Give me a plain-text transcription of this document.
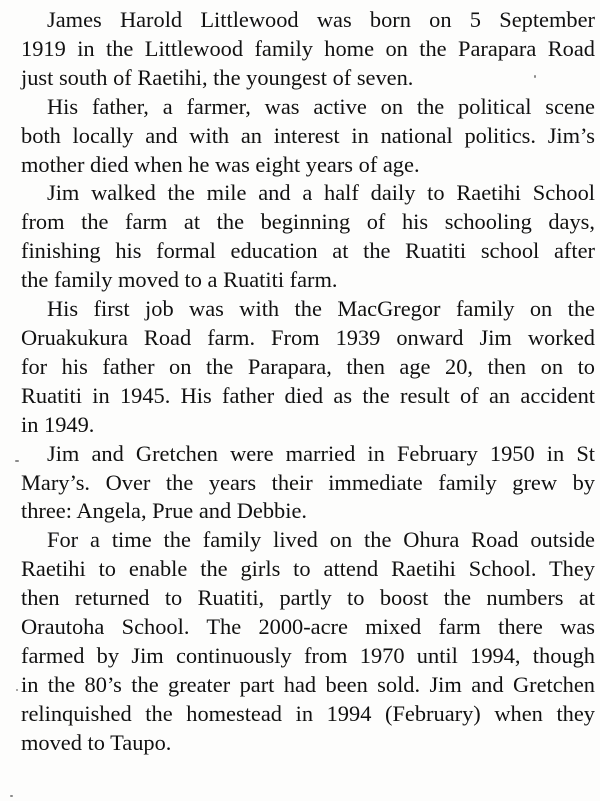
James Harold Littlewood was born on 5 September
1919 in the Littlewood family home on the Parapara Road
just south of Raetihi, the youngest of seven.

His father, a farmer, was active on the political scene
both locally and with an interest in national politics. Jim’s
mother died when he was eight years of age.

Jim walked the mile and a half daily to Raetihi School
from the farm at the beginning of his schooling days,
finishing his formal education at the Ruatiti school after
the family moved to a Ruatiti farm.

His first job was with the MacGregor family on the
Oruakukura Road farm. From 1939 onward Jim worked
for his father on the Parapara, then age 20, then on to
Ruatiti in 1945. His father died as the result of an accident
in 1949.

Jim and Gretchen were married in February 1950 in St
Mary’s. Over the years their immediate family grew by
three: Angela, Prue and Debbie.

For a time the family lived on the Ohura Road outside
Raetihi to enable the girls to attend Raetihi School. They
then returned to Ruatiti, partly to boost the numbers at
Orautoha School. The 2000-acre mixed farm there was
farmed by Jim continuously from 1970 until 1994, though
in the 80’s the greater part had been sold. Jim and Gretchen
relinquished the homestead in 1994 (February) when they
moved to Taupo.
